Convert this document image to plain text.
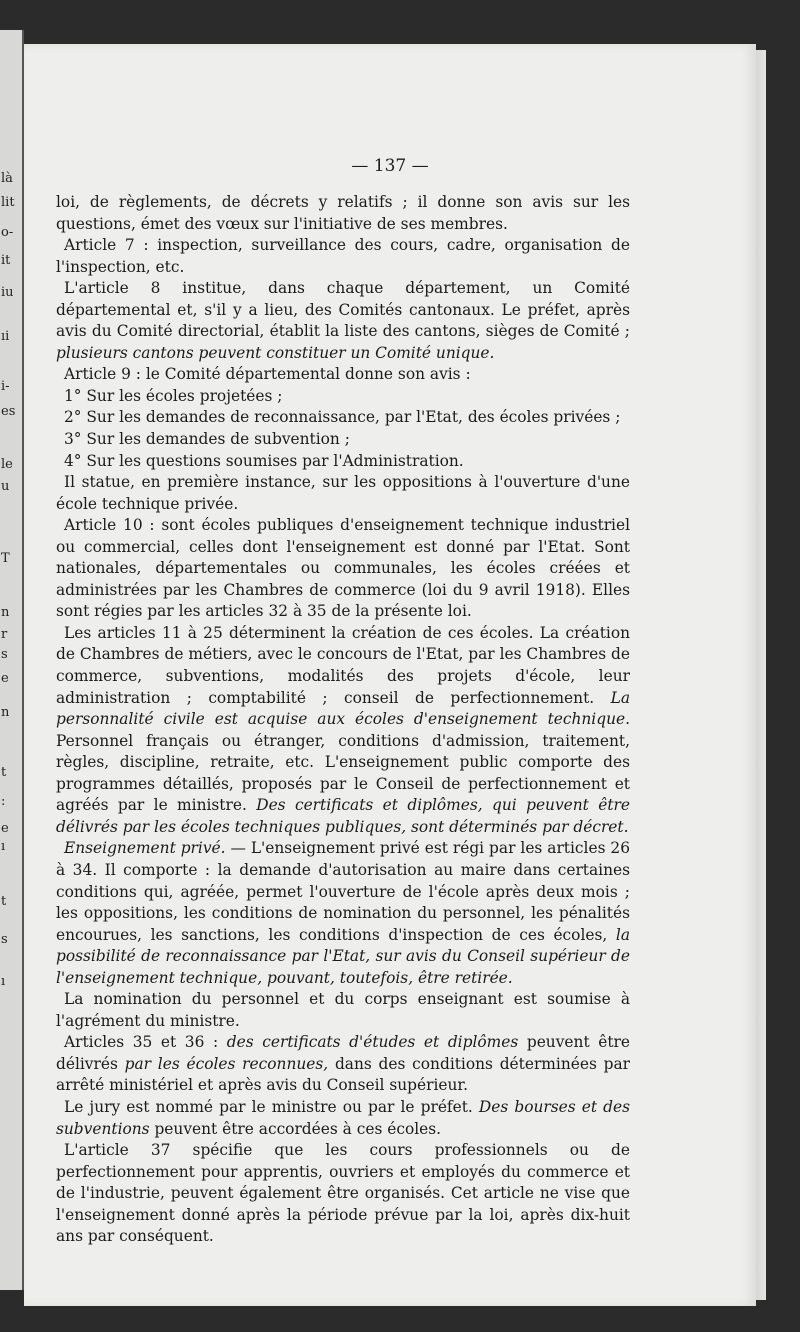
là
lit
o-
it
iu
ıi
i-
es
le
u
T
n
r
s
e
n
t
:
e
ı
t
s
ı
— 137 —

loi, de règlements, de décrets y relatifs ; il donne son avis sur les questions, émet des vœux sur l'initiative de ses membres.

Article 7 : inspection, surveillance des cours, cadre, organisation de l'inspection, etc.

L'article 8 institue, dans chaque département, un Comité départemental et, s'il y a lieu, des Comités cantonaux. Le préfet, après avis du Comité directorial, établit la liste des cantons, sièges de Comité ; plusieurs cantons peuvent constituer un Comité unique.

Article 9 : le Comité départemental donne son avis :

1° Sur les écoles projetées ;

2° Sur les demandes de reconnaissance, par l'Etat, des écoles privées ;

3° Sur les demandes de subvention ;

4° Sur les questions soumises par l'Administration.

Il statue, en première instance, sur les oppositions à l'ouverture d'une école technique privée.

Article 10 : sont écoles publiques d'enseignement technique industriel ou commercial, celles dont l'enseignement est donné par l'Etat. Sont nationales, départementales ou communales, les écoles créées et administrées par les Chambres de commerce (loi du 9 avril 1918). Elles sont régies par les articles 32 à 35 de la présente loi.

Les articles 11 à 25 déterminent la création de ces écoles. La création de Chambres de métiers, avec le concours de l'Etat, par les Chambres de commerce, subventions, modalités des projets d'école, leur administration ; comptabilité ; conseil de perfectionnement. La personnalité civile est acquise aux écoles d'enseignement technique. Personnel français ou étranger, conditions d'admission, traitement, règles, discipline, retraite, etc. L'enseignement public comporte des programmes détaillés, proposés par le Conseil de perfectionnement et agréés par le ministre. Des certificats et diplômes, qui peuvent être délivrés par les écoles techniques publiques, sont déterminés par décret.

Enseignement privé. — L'enseignement privé est régi par les articles 26 à 34. Il comporte : la demande d'autorisation au maire dans certaines conditions qui, agréée, permet l'ouverture de l'école après deux mois ; les oppositions, les conditions de nomination du personnel, les pénalités encourues, les sanctions, les conditions d'inspection de ces écoles, la possibilité de reconnaissance par l'Etat, sur avis du Conseil supérieur de l'enseignement technique, pouvant, toutefois, être retirée.

La nomination du personnel et du corps enseignant est soumise à l'agrément du ministre.

Articles 35 et 36 : des certificats d'études et diplômes peuvent être délivrés par les écoles reconnues, dans des conditions déterminées par arrêté ministériel et après avis du Conseil supérieur.

Le jury est nommé par le ministre ou par le préfet. Des bourses et des subventions peuvent être accordées à ces écoles.

L'article 37 spécifie que les cours professionnels ou de perfectionnement pour apprentis, ouvriers et employés du commerce et de l'industrie, peuvent également être organisés. Cet article ne vise que l'enseignement donné après la période prévue par la loi, après dix-huit ans par conséquent.
